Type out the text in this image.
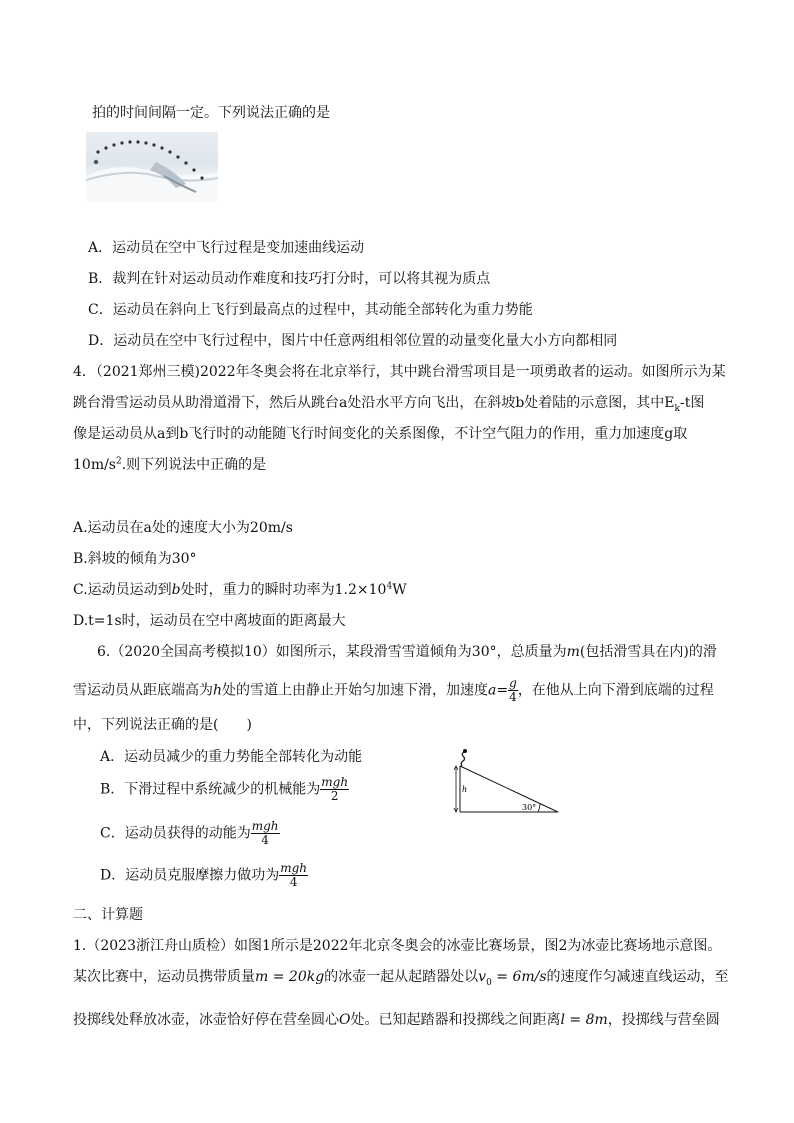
拍的时间间隔一定。下列说法正确的是
A．运动员在空中飞行过程是变加速曲线运动
B．裁判在针对运动员动作难度和技巧打分时，可以将其视为质点
C．运动员在斜向上飞行到最高点的过程中，其动能全部转化为重力势能
D．运动员在空中飞行过程中，图片中任意两组相邻位置的动量变化量大小方向都相同
4．（2021郑州三模)2022年冬奥会将在北京举行，其中跳台滑雪项目是一项勇敢者的运动。如图所示为某
跳台滑雪运动员从助滑道滑下，然后从跳台a处沿水平方向飞出，在斜坡b处着陆的示意图，其中$E_k-t$图
像是运动员从a到b飞行时的动能随飞行时间变化的关系图像，不计空气阻力的作用，重力加速度g取
$10m/s^2$.则下列说法中正确的是
A.运动员在a处的速度大小为20m/s
B.斜坡的倾角为30°
C.运动员运动到b处时，重力的瞬时功率为$1.2\times 10^4W$
D.t=1s时，运动员在空中离坡面的距离最大
6.（2020全国高考模拟10）如图所示，某段滑雪雪道倾角为30°，总质量为m(包括滑雪具在内)的滑
雪运动员从距底端高为h处的雪道上由静止开始匀加速下滑，加速度$a= \frac{g}{4}$ ，在他从上向下滑到底端的过程
中，下列说法正确的是(　　)
A．运动员减少的重力势能全部转化为动能
B．下滑过程中系统减少的机械能为 $\frac{\text{mgh}}{2}$
C．运动员获得的动能为 $\frac{\text{mgh}}{4}$
D．运动员克服摩擦力做功为 $\frac{\text{mgh}}{4}$
h
30°
二、计算题
1.（2023浙江舟山质检）如图1所示是2022年北京冬奥会的冰壶比赛场景，图2为冰壶比赛场地示意图。
某次比赛中，运动员携带质量m = 20kg的冰壶一起从起踏器处以$v_0 = 6m/s$的速度作匀减速直线运动，至
投掷线处释放冰壶，冰壶恰好停在营垒圆心O处。已知起踏器和投掷线之间距离l = 8m，投掷线与营垒圆
